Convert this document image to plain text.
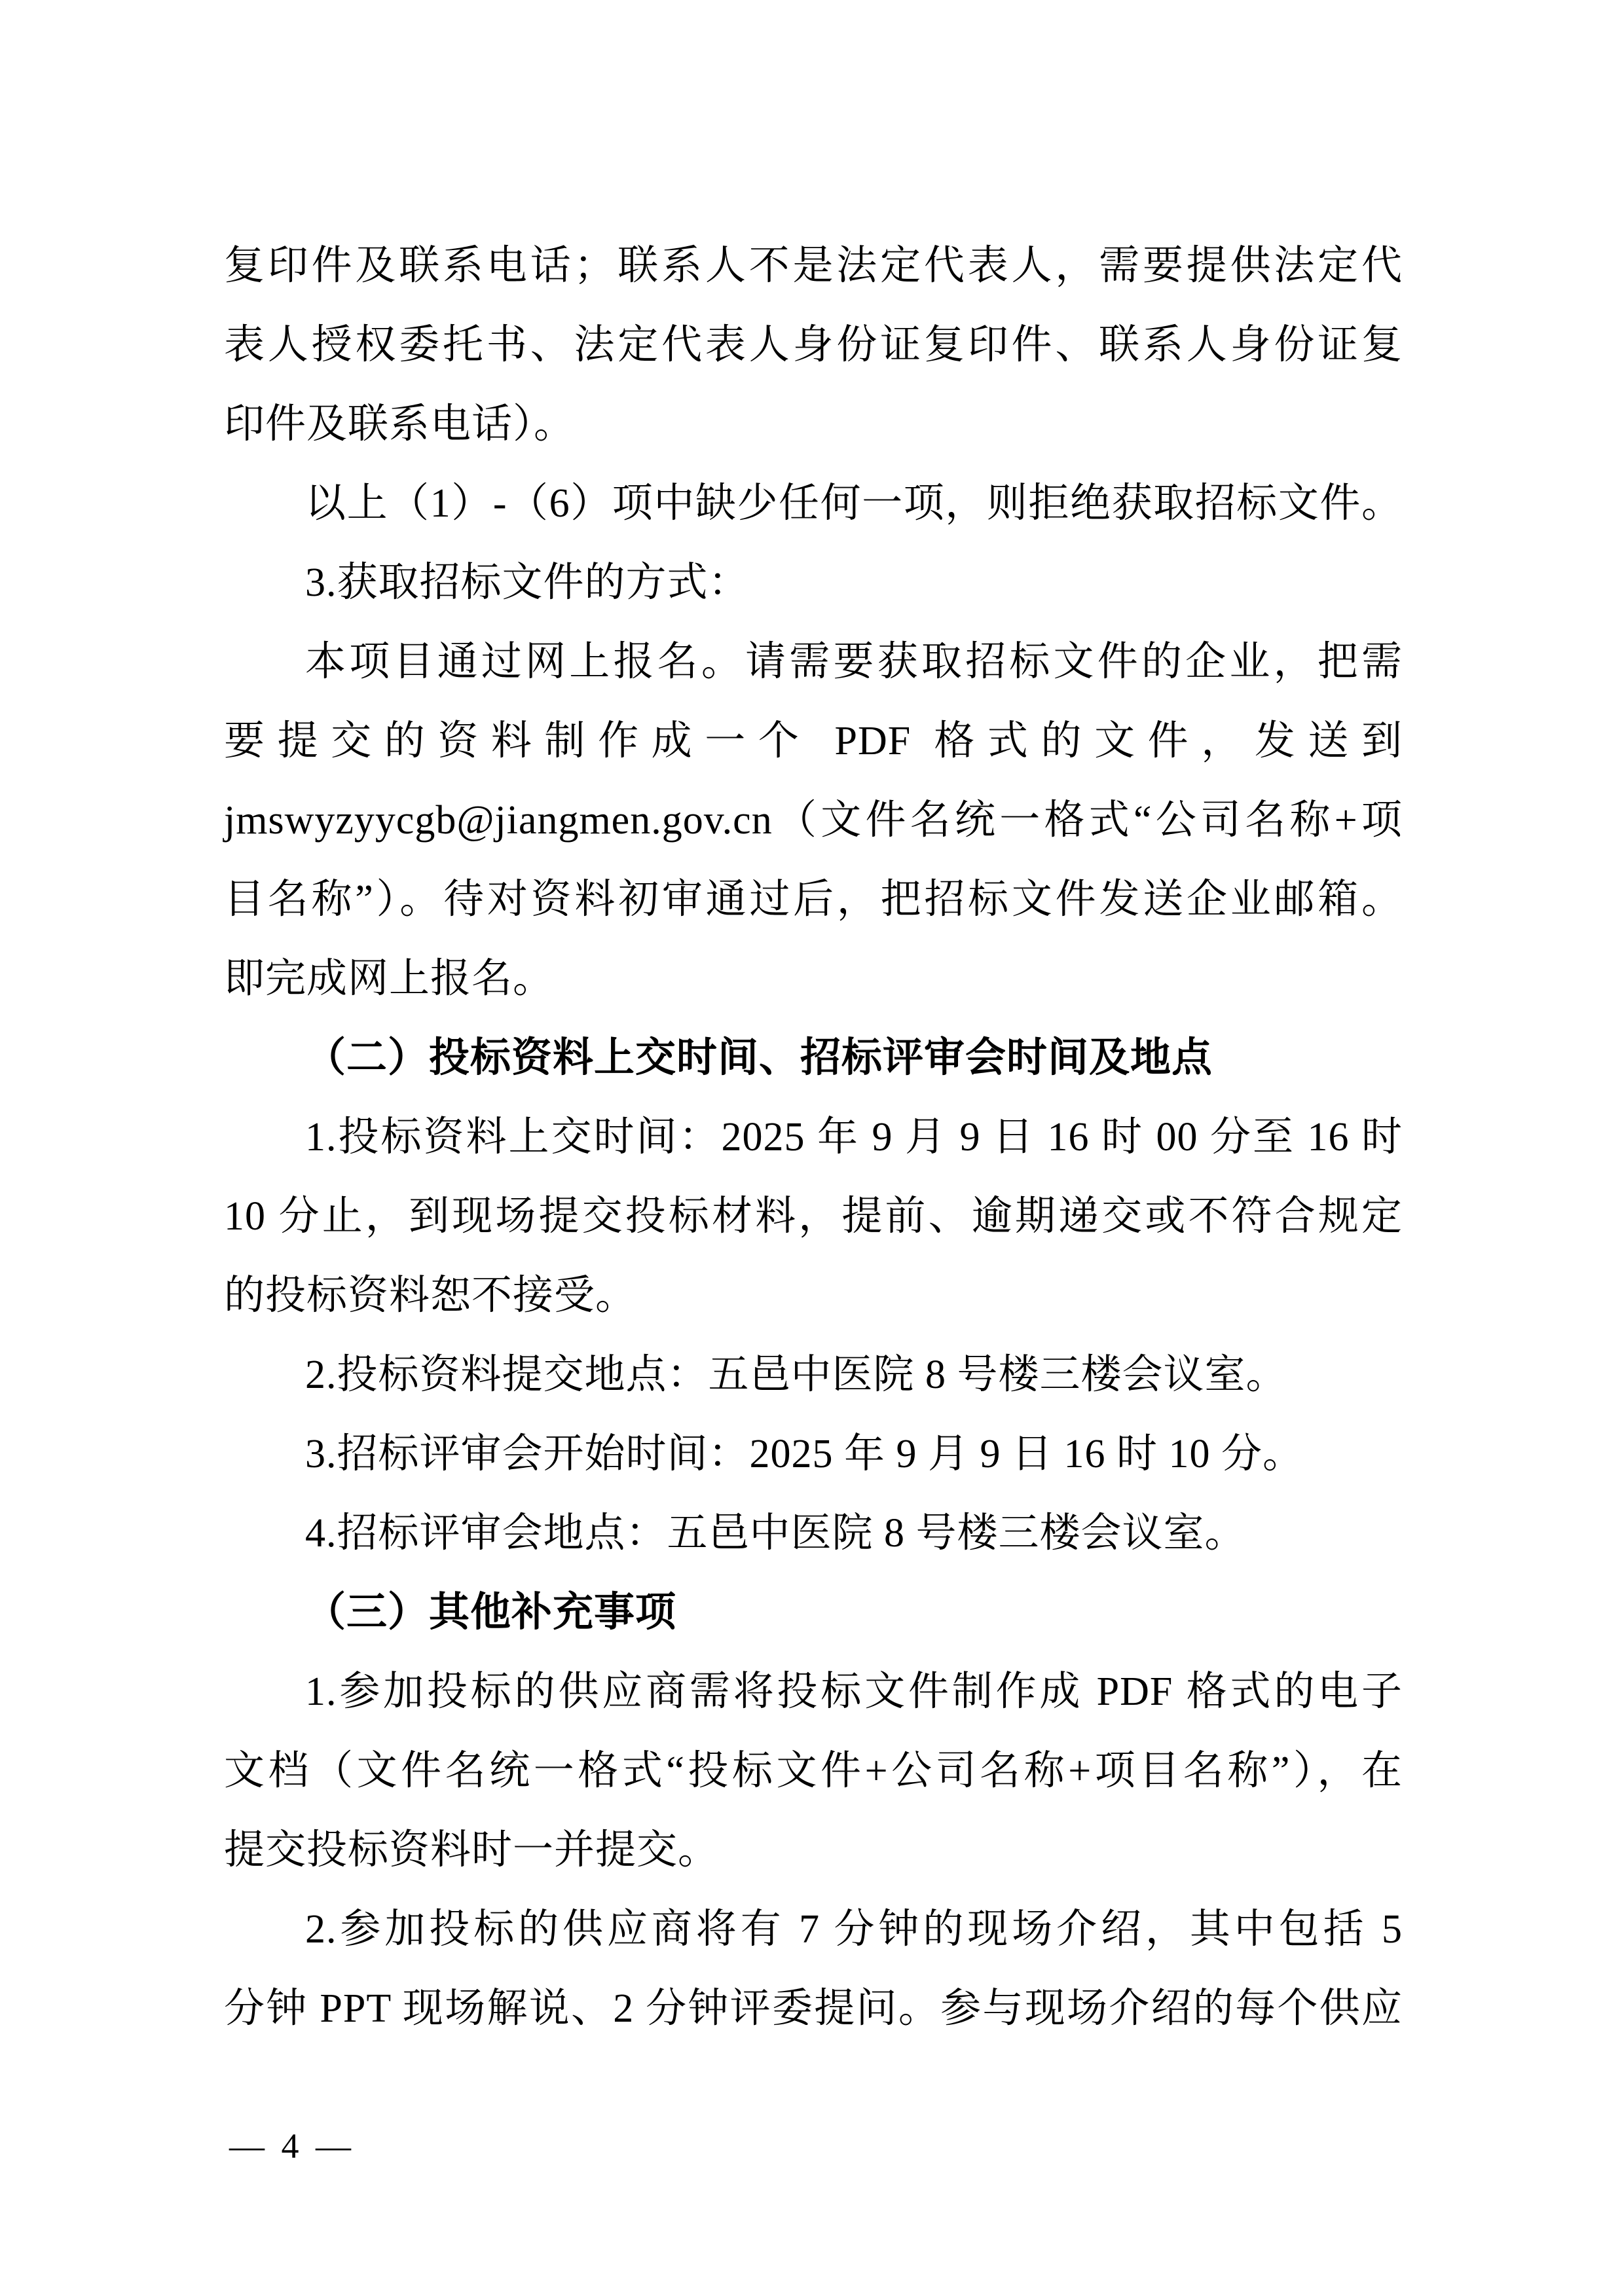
复印件及联系电话；联系人不是法定代表人，需要提供法定代
表人授权委托书、法定代表人身份证复印件、联系人身份证复
印件及联系电话）。
以上（1）-（6）项中缺少任何一项，则拒绝获取招标文件。
3.获取招标文件的方式：
本项目通过网上报名。请需要获取招标文件的企业，把需
要提交的资料制作成一个 PDF 格式的文件，发送到
jmswyzyycgb@jiangmen.gov.cn（文件名统一格式“公司名称+项
目名称”）。待对资料初审通过后，把招标文件发送企业邮箱。
即完成网上报名。
（二）投标资料上交时间、招标评审会时间及地点
1.投标资料上交时间：2025 年 9 月 9 日 16 时 00 分至 16 时
10 分止，到现场提交投标材料，提前、逾期递交或不符合规定
的投标资料恕不接受。
2.投标资料提交地点：五邑中医院 8 号楼三楼会议室。
3.招标评审会开始时间：2025 年 9 月 9 日 16 时 10 分。
4.招标评审会地点：五邑中医院 8 号楼三楼会议室。
（三）其他补充事项
1.参加投标的供应商需将投标文件制作成 PDF 格式的电子
文档（文件名统一格式“投标文件+公司名称+项目名称”），在
提交投标资料时一并提交。
2.参加投标的供应商将有 7 分钟的现场介绍，其中包括 5
分钟 PPT 现场解说、2 分钟评委提问。参与现场介绍的每个供应
— 4 —
